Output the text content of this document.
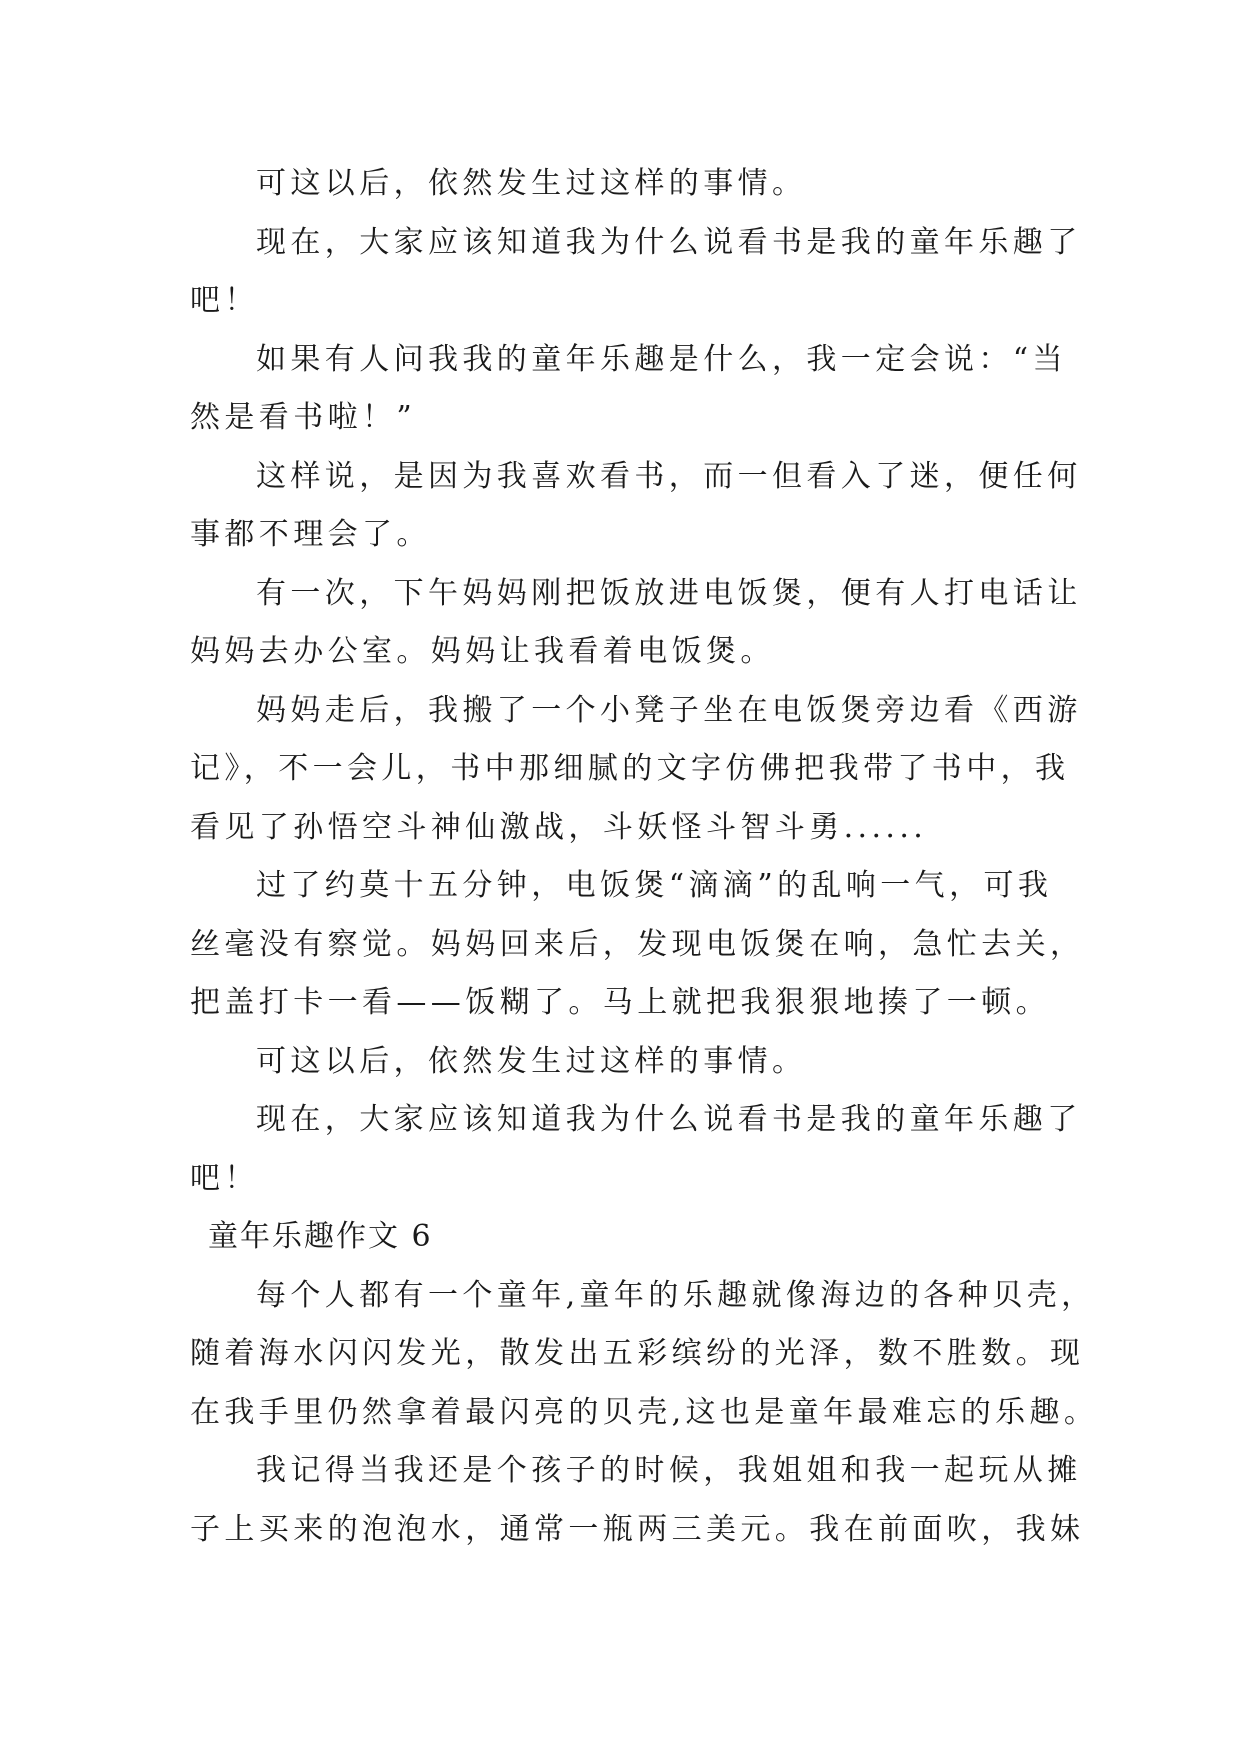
可这以后，依然发生过这样的事情。
现在，大家应该知道我为什么说看书是我的童年乐趣了
吧！
如果有人问我我的童年乐趣是什么，我一定会说：“当
然是看书啦！”
这样说，是因为我喜欢看书，而一但看入了迷，便任何
事都不理会了。
有一次，下午妈妈刚把饭放进电饭煲，便有人打电话让
妈妈去办公室。妈妈让我看着电饭煲。
妈妈走后，我搬了一个小凳子坐在电饭煲旁边看《西游
记》，不一会儿，书中那细腻的文字仿佛把我带了书中，我
看见了孙悟空斗神仙激战，斗妖怪斗智斗勇......
过了约莫十五分钟，电饭煲“滴滴”的乱响一气，可我
丝毫没有察觉。妈妈回来后，发现电饭煲在响，急忙去关，
把盖打卡一看——饭糊了。马上就把我狠狠地揍了一顿。
可这以后，依然发生过这样的事情。
现在，大家应该知道我为什么说看书是我的童年乐趣了
吧！
童年乐趣作文 6
每个人都有一个童年,童年的乐趣就像海边的各种贝壳，
随着海水闪闪发光，散发出五彩缤纷的光泽，数不胜数。现
在我手里仍然拿着最闪亮的贝壳,这也是童年最难忘的乐趣。
我记得当我还是个孩子的时候，我姐姐和我一起玩从摊
子上买来的泡泡水，通常一瓶两三美元。我在前面吹，我妹
